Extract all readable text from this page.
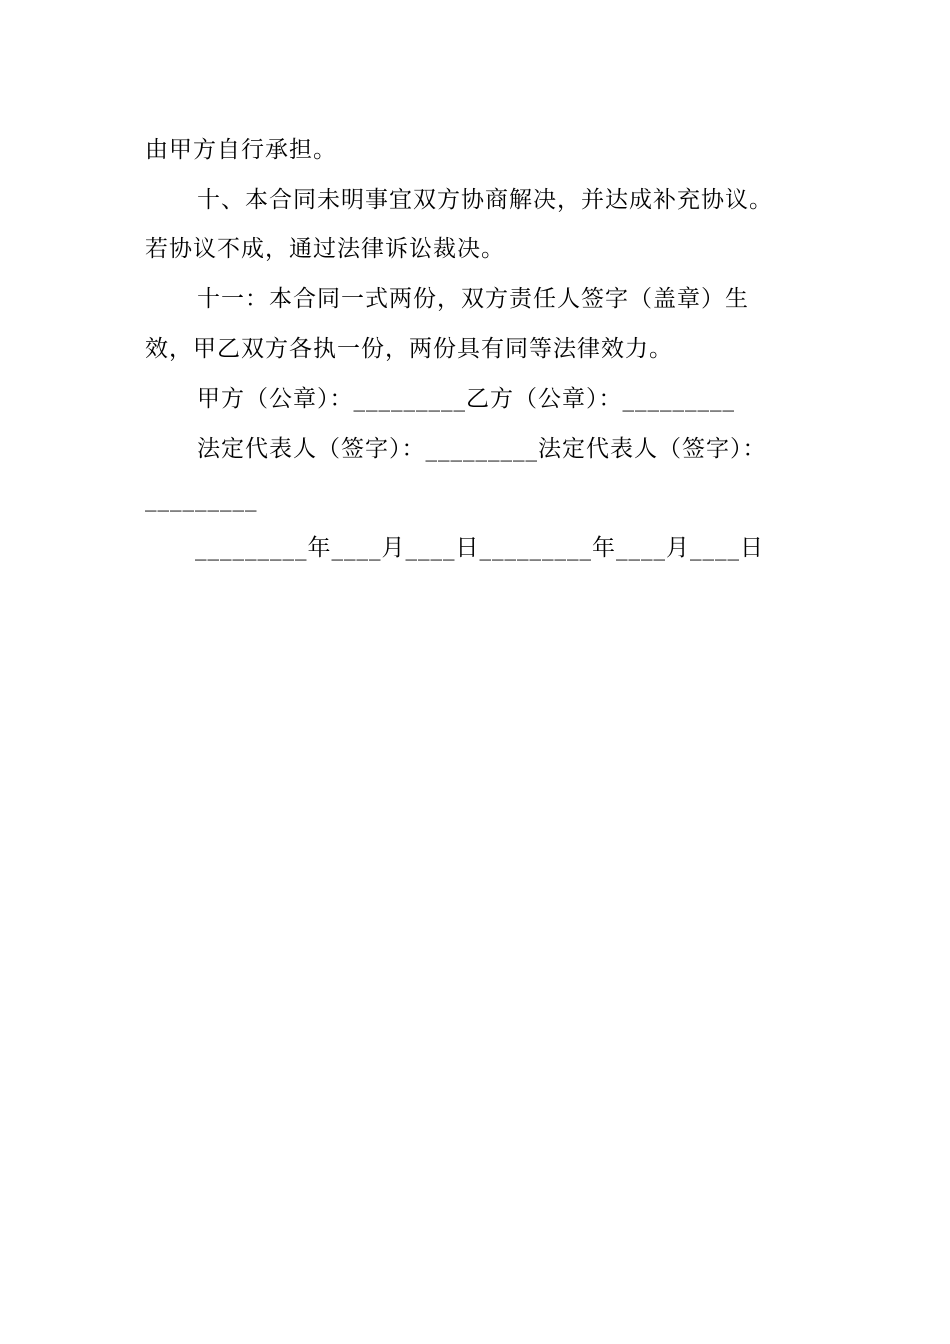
由甲方自行承担。
十、本合同未明事宜双方协商解决，并达成补充协议。
若协议不成，通过法律诉讼裁决。
十一：本合同一式两份，双方责任人签字（盖章）生
效，甲乙双方各执一份，两份具有同等法律效力。
甲方（公章）：_________乙方（公章）：_________
法定代表人（签字）：_________法定代表人（签字）：
_________
_________年____月____日_________年____月____日
